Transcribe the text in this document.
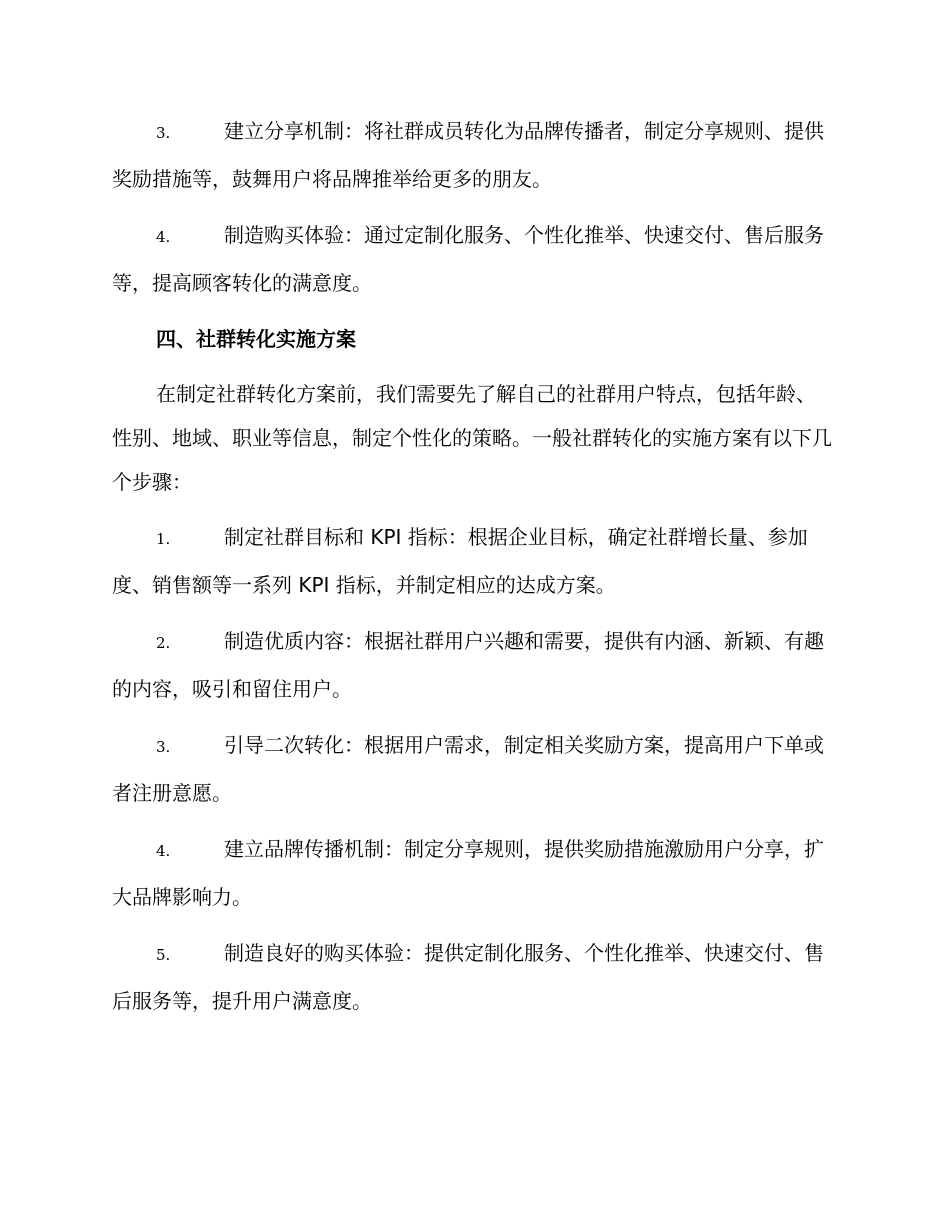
3.	建立分享机制：将社群成员转化为品牌传播者，制定分享规则、提供奖励措施等，鼓舞用户将品牌推举给更多的朋友。
4.	制造购买体验：通过定制化服务、个性化推举、快速交付、售后服务等，提高顾客转化的满意度。
四、社群转化实施方案
在制定社群转化方案前，我们需要先了解自己的社群用户特点，包括年龄、性别、地域、职业等信息，制定个性化的策略。一般社群转化的实施方案有以下几个步骤：
1.	制定社群目标和 KPI 指标：根据企业目标，确定社群增长量、参加度、销售额等一系列 KPI 指标，并制定相应的达成方案。
2.	制造优质内容：根据社群用户兴趣和需要，提供有内涵、新颖、有趣的内容，吸引和留住用户。
3.	引导二次转化：根据用户需求，制定相关奖励方案，提高用户下单或者注册意愿。
4.	建立品牌传播机制：制定分享规则，提供奖励措施激励用户分享，扩大品牌影响力。
5.	制造良好的购买体验：提供定制化服务、个性化推举、快速交付、售后服务等，提升用户满意度。
